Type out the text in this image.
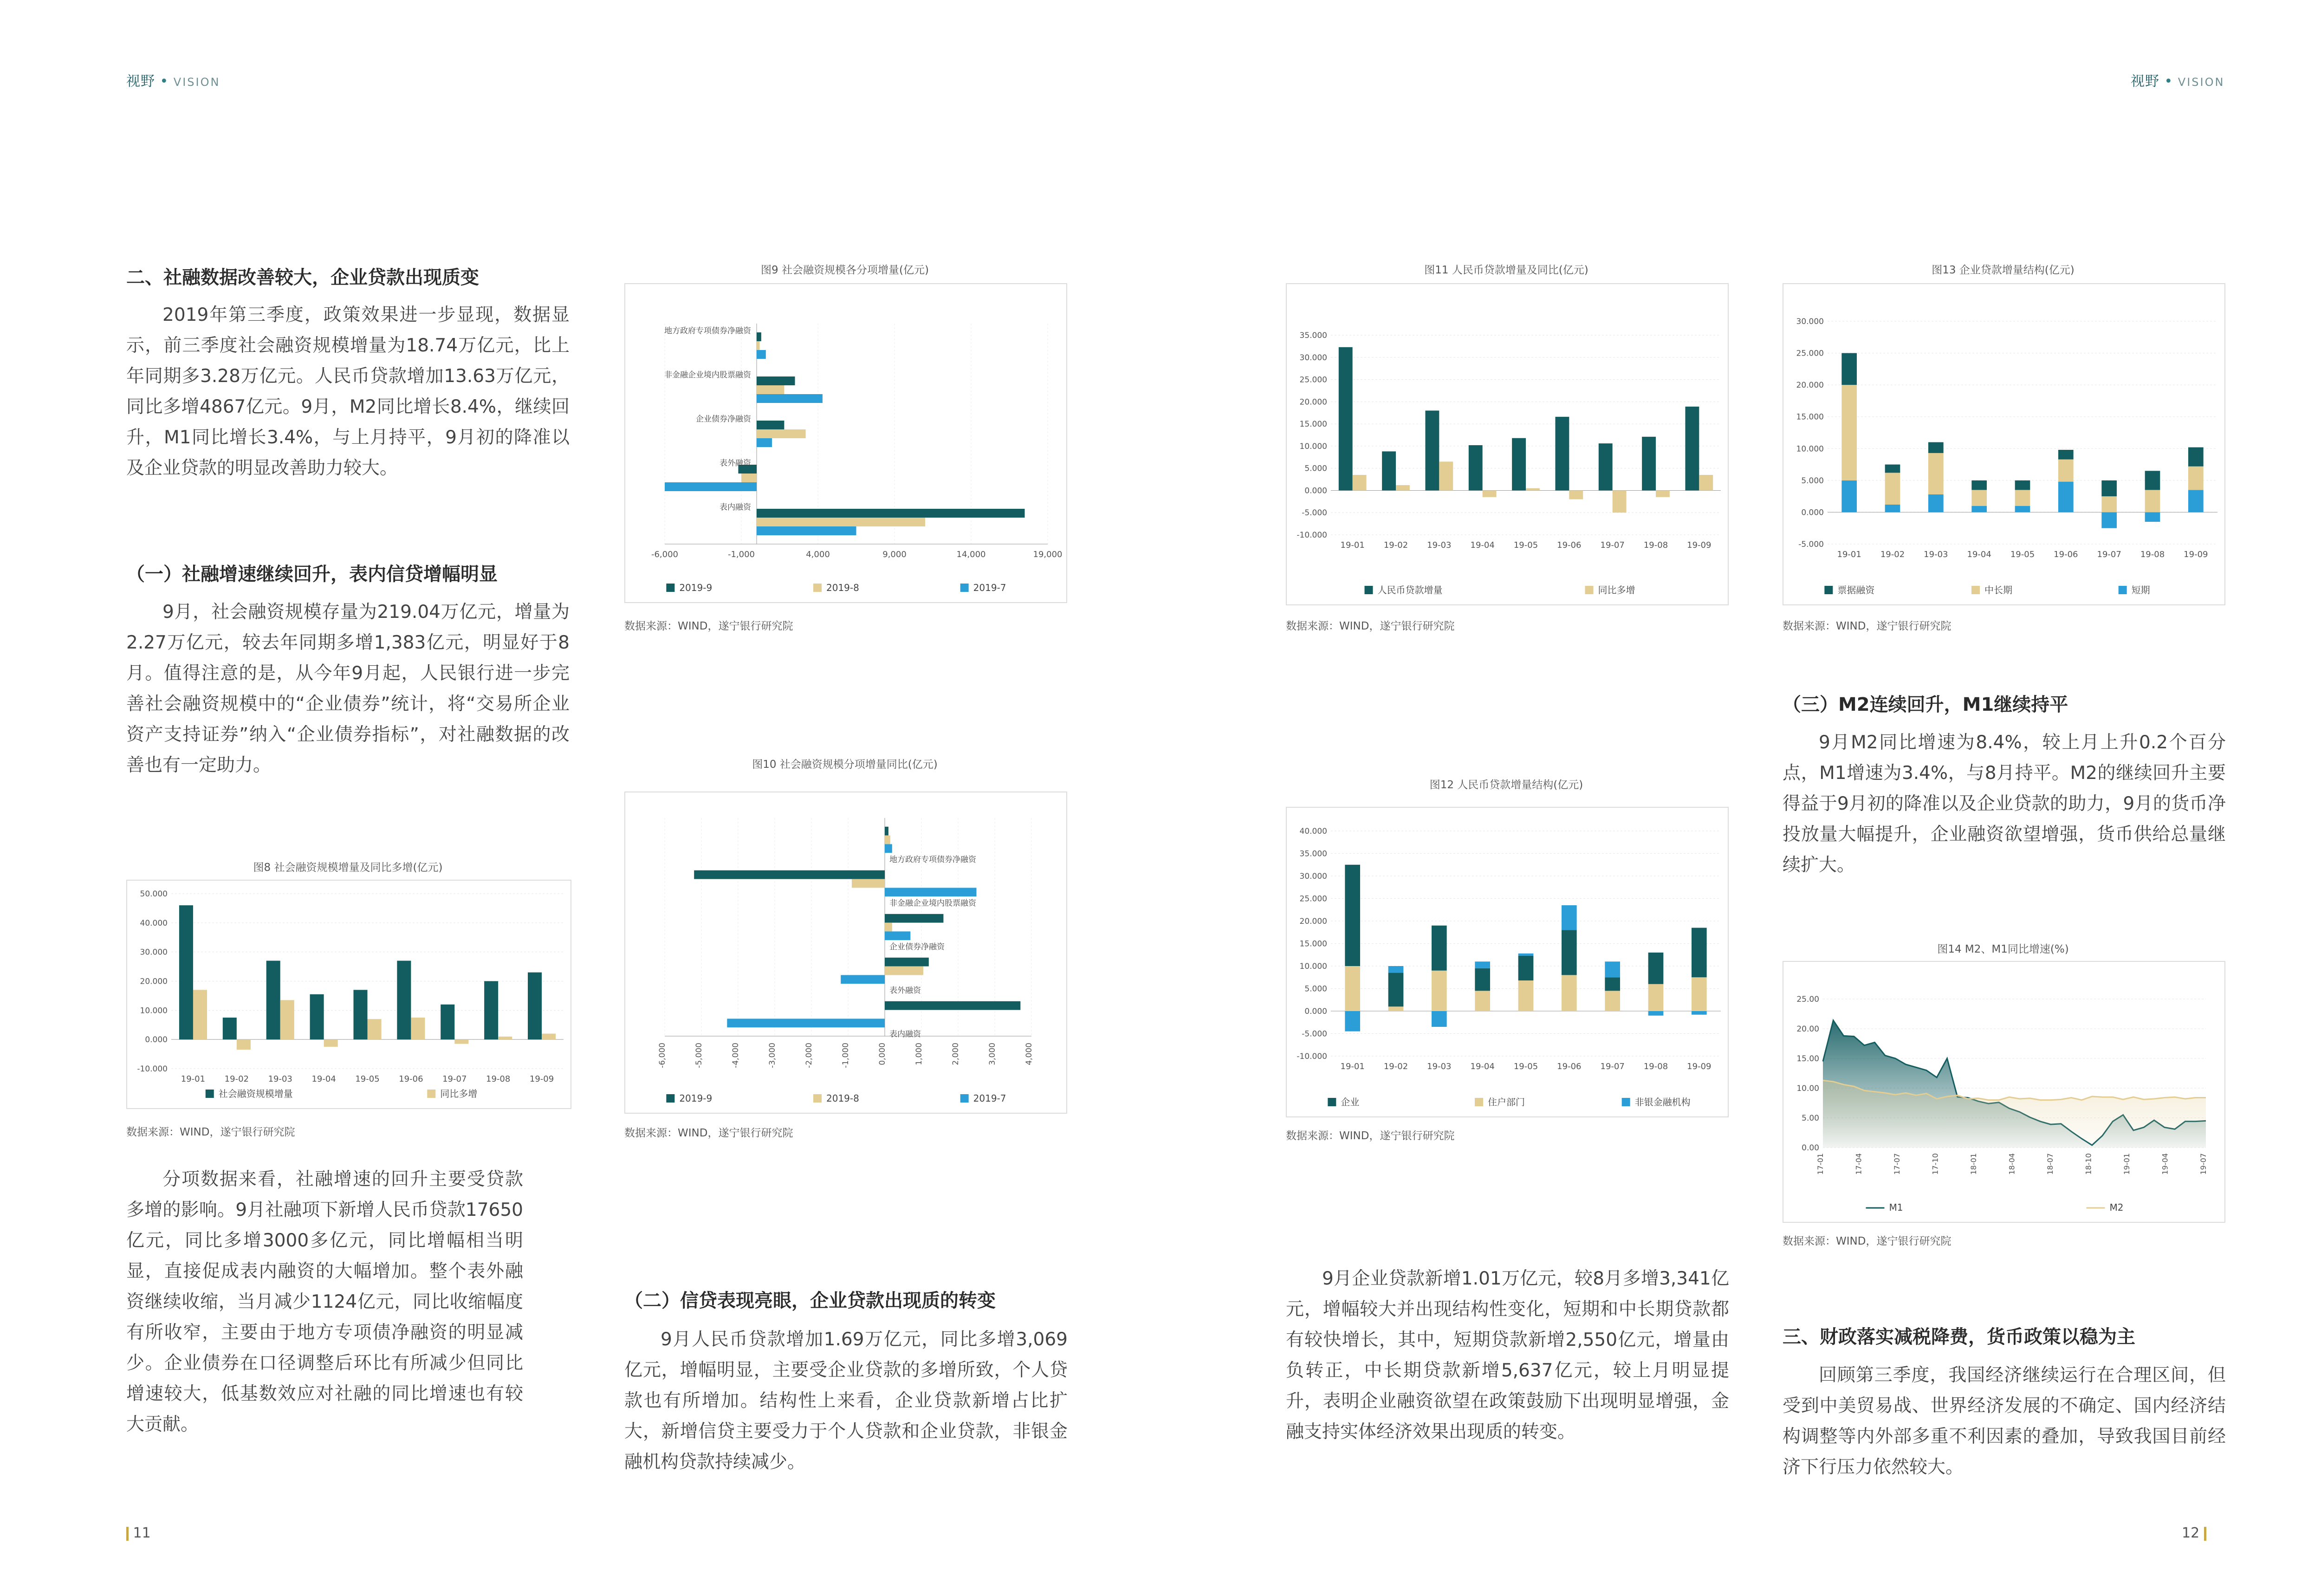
视野 • VISION	视野 • VISION
二、社融数据改善较大，企业贷款出现质变

2019年第三季度，政策效果进一步显现，数据显示，前三季度社会融资规模增量为18.74万亿元，比上年同期多3.28万亿元。人民币贷款增加13.63万亿元，同比多增4867亿元。9月，M2同比增长8.4%，继续回升，M1同比增长3.4%，与上月持平，9月初的降准以及企业贷款的明显改善助力较大。

（一）社融增速继续回升，表内信贷增幅明显

9月，社会融资规模存量为219.04万亿元，增量为2.27万亿元，较去年同期多增1,383亿元，明显好于8月。值得注意的是，从今年9月起，人民银行进一步完善社会融资规模中的“企业债券”统计，将“交易所企业资产支持证券”纳入“企业债券指标”，对社融数据的改善也有一定助力。

图8 社会融资规模增量及同比多增(亿元)
-10.000
0.000
10.000
20.000
30.000
40.000
50.000
19-01 19-02 19-03 19-04 19-05 19-06 19-07 19-08 19-09
社会融资规模增量	同比多增
数据来源：WIND，遂宁银行研究院

分项数据来看，社融增速的回升主要受贷款多增的影响。9月社融项下新增人民币贷款17650亿元，同比多增3000多亿元，同比增幅相当明显，直接促成表内融资的大幅增加。整个表外融资继续收缩，当月减少1124亿元，同比收缩幅度有所收窄，主要由于地方专项债净融资的明显减少。企业债券在口径调整后环比有所减少但同比增速较大，低基数效应对社融的同比增速也有较大贡献。

图9 社会融资规模各分项增量(亿元)
-6,000	-1,000	4,000	9,000	14,000	19,000
地方政府专项债券净融资
非金融企业境内股票融资
企业债券净融资
表外融资
表内融资
2019-9	2019-8	2019-7
数据来源：WIND，遂宁银行研究院
图10 社会融资规模分项增量同比(亿元)
-6,000	-5,000	-4,000	-3,000	-2,000	-1,000	0,000	1,000	2,000	3,000	4,000
地方政府专项债券净融资
非金融企业境内股票融资
企业债券净融资
表外融资
表内融资
2019-9	2019-8	2019-7
数据来源：WIND，遂宁银行研究院
（二）信贷表现亮眼，企业贷款出现质的转变

9月人民币贷款增加1.69万亿元，同比多增3,069亿元，增幅明显，主要受企业贷款的多增所致，个人贷款也有所增加。结构性上来看，企业贷款新增占比扩大，新增信贷主要受力于个人贷款和企业贷款，非银金融机构贷款持续减少。

图11 人民币贷款增量及同比(亿元)
-10.000
-5.000
0.000
5.000
10.000
15.000
20.000
25.000
30.000
35.000
19-01 19-02 19-03 19-04 19-05 19-06 19-07 19-08 19-09
人民币贷款增量	同比多增
数据来源：WIND，遂宁银行研究院
图12 人民币贷款增量结构(亿元)
-10.000
-5.000
0.000
5.000
10.000
15.000
20.000
25.000
30.000
35.000
40.000
19-01 19-02 19-03 19-04 19-05 19-06 19-07 19-08 19-09
企业	住户部门	非银金融机构
数据来源：WIND，遂宁银行研究院

9月企业贷款新增1.01万亿元，较8月多增3,341亿元，增幅较大并出现结构性变化，短期和中长期贷款都有较快增长，其中，短期贷款新增2,550亿元，增量由负转正，中长期贷款新增5,637亿元，较上月明显提升，表明企业融资欲望在政策鼓励下出现明显增强，金融支持实体经济效果出现质的转变。

图13 企业贷款增量结构(亿元)
-5.000
0.000
5.000
10.000
15.000
20.000
25.000
30.000
19-01 19-02 19-03 19-04 19-05 19-06 19-07 19-08 19-09
票据融资	中长期	短期
数据来源：WIND，遂宁银行研究院
（三）M2连续回升，M1继续持平

9月M2同比增速为8.4%，较上月上升0.2个百分点，M1增速为3.4%，与8月持平。M2的继续回升主要得益于9月初的降准以及企业贷款的助力，9月的货币净投放量大幅提升，企业融资欲望增强，货币供给总量继续扩大。

图14 M2、M1同比增速(%)
0.00
5.00
10.00
15.00
20.00
25.00
17-01	17-04	17-07	17-10	18-01	18-04	18-07	18-10	19-01	19-04	19-07
M1	M2
数据来源：WIND，遂宁银行研究院
三、财政落实减税降费，货币政策以稳为主

回顾第三季度，我国经济继续运行在合理区间，但受到中美贸易战、世界经济发展的不确定、国内经济结构调整等内外部多重不利因素的叠加，导致我国目前经济下行压力依然较大。

11	12
